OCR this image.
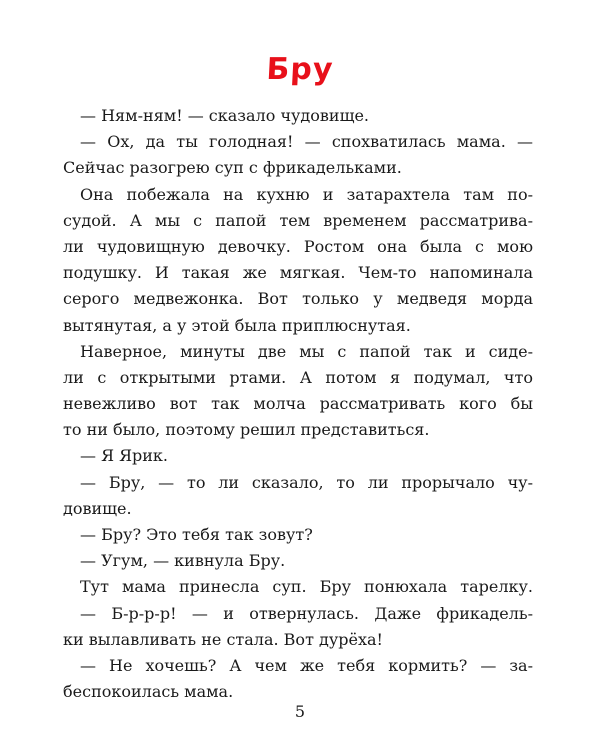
Бру
— Ням-ням! — сказало чудовище.
— Ох, да ты голодная! — спохватилась мама. —
Сейчас разогрею суп с фрикадельками.
Она побежала на кухню и затарахтела там по-
судой. А мы с папой тем временем рассматрива-
ли чудовищную девочку. Ростом она была с мою
подушку. И такая же мягкая. Чем-то напоминала
серого медвежонка. Вот только у медведя морда
вытянутая, а у этой была приплюснутая.
Наверное, минуты две мы с папой так и сиде-
ли с открытыми ртами. А потом я подумал, что
невежливо вот так молча рассматривать кого бы
то ни было, поэтому решил представиться.
— Я Ярик.
— Бру, — то ли сказало, то ли прорычало чу-
довище.
— Бру? Это тебя так зовут?
— Угум, — кивнула Бру.
Тут мама принесла суп. Бру понюхала тарелку.
— Б-р-р-р! — и отвернулась. Даже фрикадель-
ки вылавливать не стала. Вот дурёха!
— Не хочешь? А чем же тебя кормить? — за-
беспокоилась мама.
5
